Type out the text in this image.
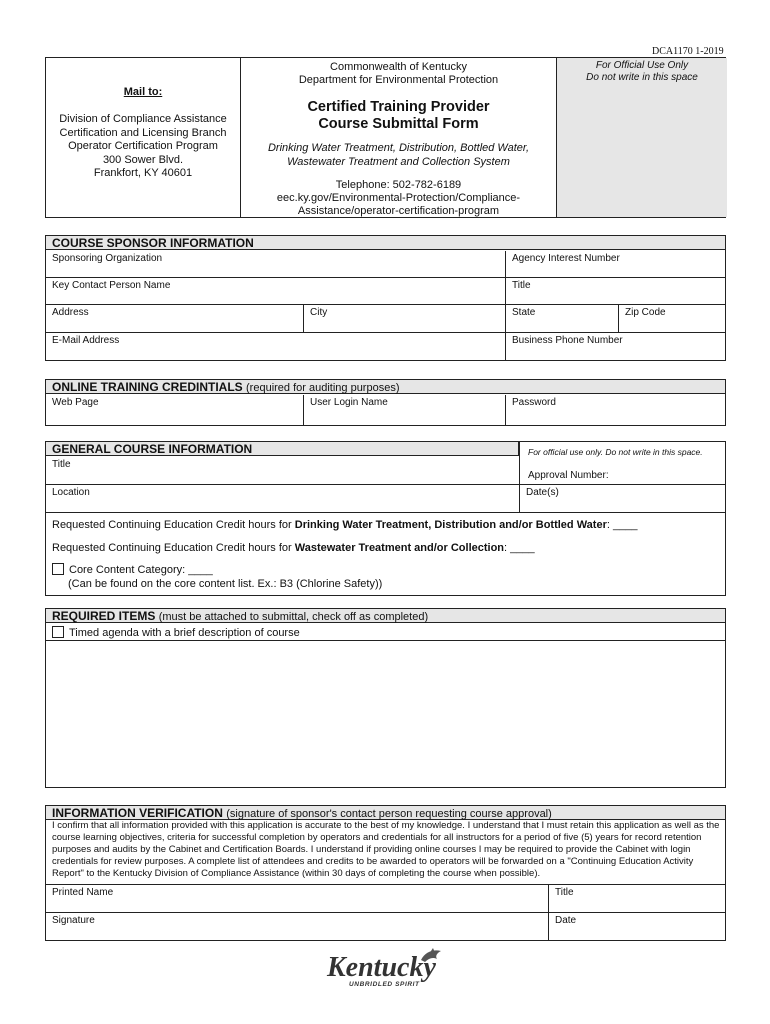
DCA1170 1-2019
Mail to:
Division of Compliance Assistance
Certification and Licensing Branch
Operator Certification Program
300 Sower Blvd.
Frankfort, KY 40601
Commonwealth of Kentucky
Department for Environmental Protection
Certified Training Provider
Course Submittal Form
Drinking Water Treatment, Distribution, Bottled Water,
Wastewater Treatment and Collection System
Telephone: 502-782-6189
eec.ky.gov/Environmental-Protection/Compliance-
Assistance/operator-certification-program
For Official Use Only
Do not write in this space
COURSE SPONSOR INFORMATION
Sponsoring Organization	Agency Interest Number
Key Contact Person Name	Title
Address	City	State	Zip Code
E-Mail Address	Business Phone Number
ONLINE TRAINING CREDINTIALS (required for auditing purposes)
Web Page	User Login Name	Password
GENERAL COURSE INFORMATION	For official use only. Do not write in this space.
Title
Approval Number:
Location	Date(s)
Requested Continuing Education Credit hours for Drinking Water Treatment, Distribution and/or Bottled Water: ____
Requested Continuing Education Credit hours for Wastewater Treatment and/or Collection: ____
Core Content Category: ____
(Can be found on the core content list. Ex.: B3 (Chlorine Safety))
REQUIRED ITEMS (must be attached to submittal, check off as completed)
Timed agenda with a brief description of course
INFORMATION VERIFICATION (signature of sponsor's contact person requesting course approval)
I confirm that all information provided with this application is accurate to the best of my knowledge. I understand that I must retain this application as well as the course learning objectives, criteria for successful completion by operators and credentials for all instructors for a period of five (5) years for record retention purposes and audits by the Cabinet and Certification Boards. I understand if providing online courses I may be required to provide the Cabinet with login credentials for review purposes. A complete list of attendees and credits to be awarded to operators will be forwarded on a "Continuing Education Activity Report" to the Kentucky Division of Compliance Assistance (within 30 days of completing the course when possible).
Printed Name	Title
Signature	Date
Kentucky
UNBRIDLED SPIRIT
